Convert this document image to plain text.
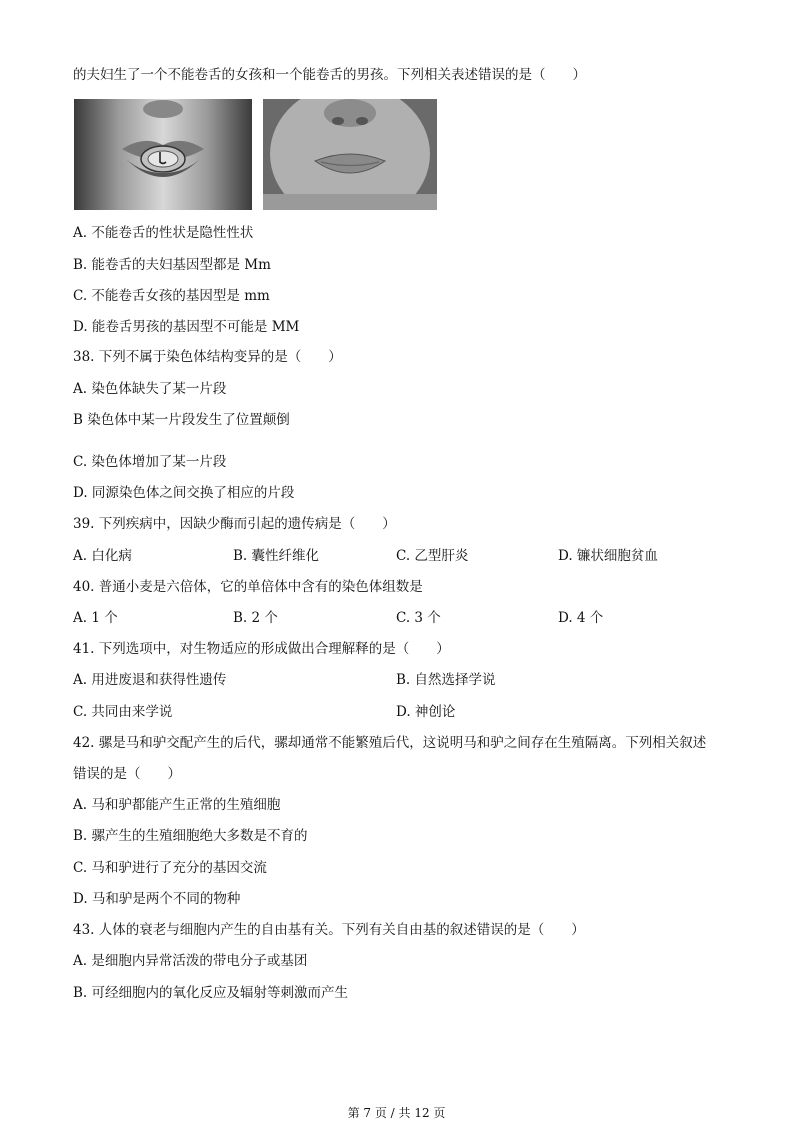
的夫妇生了一个不能卷舌的女孩和一个能卷舌的男孩。下列相关表述错误的是（　　）
A. 不能卷舌的性状是隐性性状
B. 能卷舌的夫妇基因型都是 Mm
C. 不能卷舌女孩的基因型是 mm
D. 能卷舌男孩的基因型不可能是 MM
38. 下列不属于染色体结构变异的是（　　）
A. 染色体缺失了某一片段
B 染色体中某一片段发生了位置颠倒
C. 染色体增加了某一片段
D. 同源染色体之间交换了相应的片段
39. 下列疾病中，因缺少酶而引起的遗传病是（　　）
A. 白化病	B. 囊性纤维化	C. 乙型肝炎	D. 镰状细胞贫血
40. 普通小麦是六倍体，它的单倍体中含有的染色体组数是
A. 1 个	B. 2 个	C. 3 个	D. 4 个
41. 下列选项中，对生物适应的形成做出合理解释的是（　　）
A. 用进废退和获得性遗传	B. 自然选择学说
C. 共同由来学说	D. 神创论
42. 骡是马和驴交配产生的后代，骡却通常不能繁殖后代，这说明马和驴之间存在生殖隔离。下列相关叙述
错误的是（　　）
A. 马和驴都能产生正常的生殖细胞
B. 骡产生的生殖细胞绝大多数是不育的
C. 马和驴进行了充分的基因交流
D. 马和驴是两个不同的物种
43. 人体的衰老与细胞内产生的自由基有关。下列有关自由基的叙述错误的是（　　）
A. 是细胞内异常活泼的带电分子或基团
B. 可经细胞内的氧化反应及辐射等刺激而产生
第 7 页 / 共 12 页
